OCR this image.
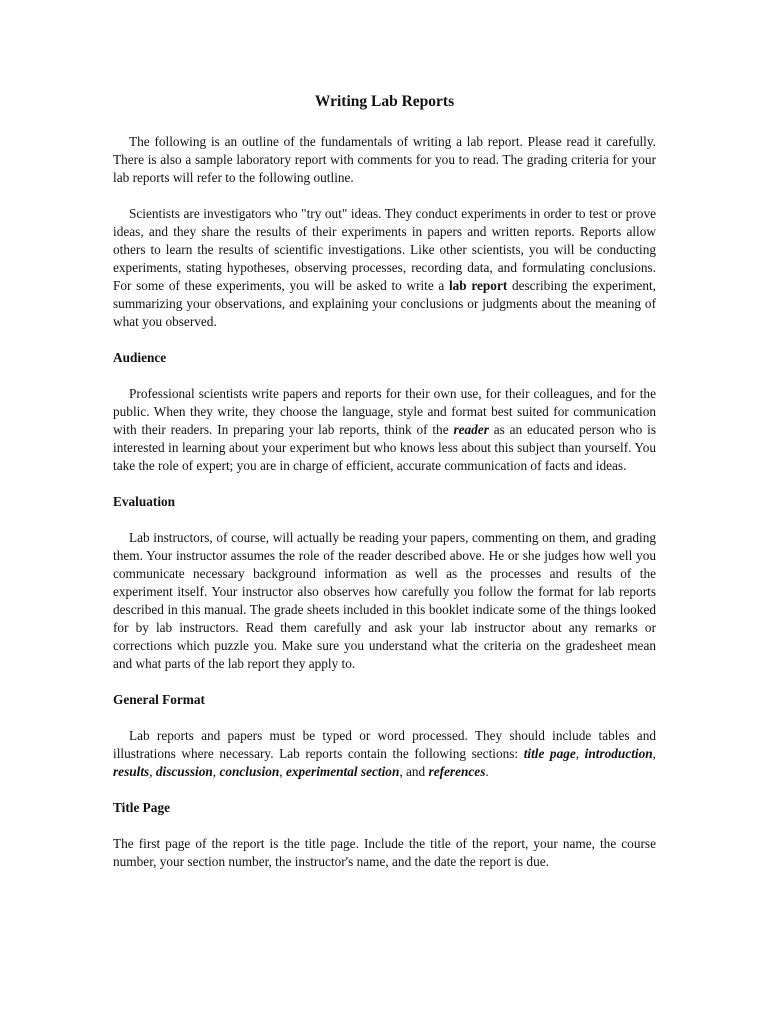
Writing Lab Reports

The following is an outline of the fundamentals of writing a lab report. Please read it carefully. There is also a sample laboratory report with comments for you to read. The grading criteria for your lab reports will refer to the following outline.

Scientists are investigators who "try out" ideas. They conduct experiments in order to test or prove ideas, and they share the results of their experiments in papers and written reports. Reports allow others to learn the results of scientific investigations. Like other scientists, you will be conducting experiments, stating hypotheses, observing processes, recording data, and formulating conclusions. For some of these experiments, you will be asked to write a lab report describing the experiment, summarizing your observations, and explaining your conclusions or judgments about the meaning of what you observed.

Audience

Professional scientists write papers and reports for their own use, for their colleagues, and for the public. When they write, they choose the language, style and format best suited for communication with their readers. In preparing your lab reports, think of the reader as an educated person who is interested in learning about your experiment but who knows less about this subject than yourself. You take the role of expert; you are in charge of efficient, accurate communication of facts and ideas.

Evaluation

Lab instructors, of course, will actually be reading your papers, commenting on them, and grading them. Your instructor assumes the role of the reader described above. He or she judges how well you communicate necessary background information as well as the processes and results of the experiment itself. Your instructor also observes how carefully you follow the format for lab reports described in this manual. The grade sheets included in this booklet indicate some of the things looked for by lab instructors. Read them carefully and ask your lab instructor about any remarks or corrections which puzzle you. Make sure you understand what the criteria on the gradesheet mean and what parts of the lab report they apply to.

General Format

Lab reports and papers must be typed or word processed. They should include tables and illustrations where necessary. Lab reports contain the following sections: title page, introduction, results, discussion, conclusion, experimental section, and references.

Title Page

The first page of the report is the title page. Include the title of the report, your name, the course number, your section number, the instructor's name, and the date the report is due.
